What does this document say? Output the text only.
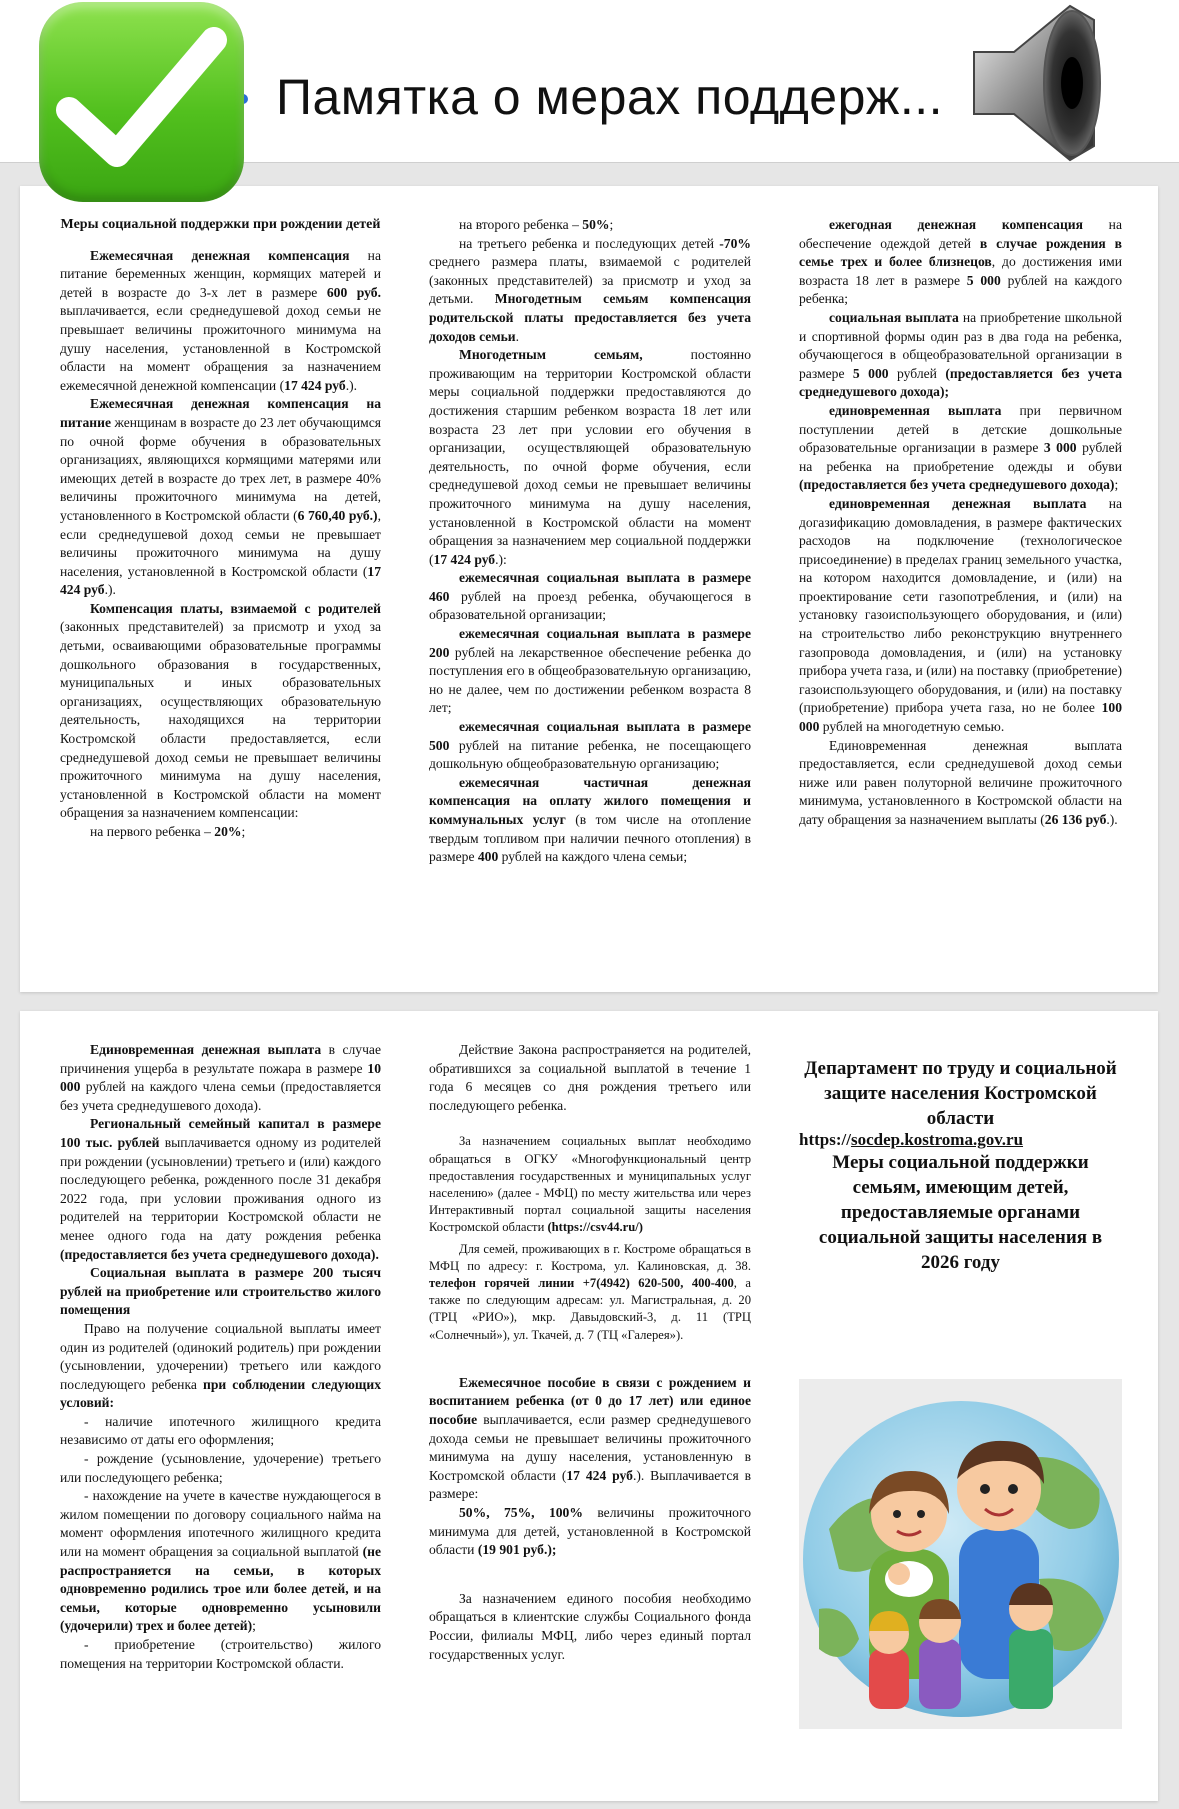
Памятка о мерах поддерж...

Меры социальной поддержки при рождении детей

Ежемесячная денежная компенсация на питание беременных женщин, кормящих матерей и детей в возрасте до 3-х лет в размере 600 руб. выплачивается, если среднедушевой доход семьи не превышает величины прожиточного минимума на душу населения, установленной в Костромской области на момент обращения за назначением ежемесячной денежной компенсации (17 424 руб.).

Ежемесячная денежная компенсация на питание женщинам в возрасте до 23 лет обучающимся по очной форме обучения в образовательных организациях, являющихся кормящими матерями или имеющих детей в возрасте до трех лет, в размере 40% величины прожиточного минимума на детей, установленного в Костромской области (6 760,40 руб.), если среднедушевой доход семьи не превышает величины прожиточного минимума на душу населения, установленной в Костромской области (17 424 руб.).

Компенсация платы, взимаемой с родителей (законных представителей) за присмотр и уход за детьми, осваивающими образовательные программы дошкольного образования в государственных, муниципальных и иных образовательных организациях, осуществляющих образовательную деятельность, находящихся на территории Костромской области предоставляется, если среднедушевой доход семьи не превышает величины прожиточного минимума на душу населения, установленной в Костромской области на момент обращения за назначением компенсации:

на первого ребенка – 20%;

на второго ребенка – 50%;

на третьего ребенка и последующих детей -70% среднего размера платы, взимаемой с родителей (законных представителей) за присмотр и уход за детьми. Многодетным семьям компенсация родительской платы предоставляется без учета доходов семьи.

Многодетным семьям, постоянно проживающим на территории Костромской области меры социальной поддержки предоставляются до достижения старшим ребенком возраста 18 лет или возраста 23 лет при условии его обучения в организации, осуществляющей образовательную деятельность, по очной форме обучения, если среднедушевой доход семьи не превышает величины прожиточного минимума на душу населения, установленной в Костромской области на момент обращения за назначением мер социальной поддержки (17 424 руб.):

ежемесячная социальная выплата в размере 460 рублей на проезд ребенка, обучающегося в образовательной организации;

ежемесячная социальная выплата в размере 200 рублей на лекарственное обеспечение ребенка до поступления его в общеобразовательную организацию, но не далее, чем по достижении ребенком возраста 8 лет;

ежемесячная социальная выплата в размере 500 рублей на питание ребенка, не посещающего дошкольную общеобразовательную организацию;

ежемесячная частичная денежная компенсация на оплату жилого помещения и коммунальных услуг (в том числе на отопление твердым топливом при наличии печного отопления) в размере 400 рублей на каждого члена семьи;

ежегодная денежная компенсация на обеспечение одеждой детей в случае рождения в семье трех и более близнецов, до достижения ими возраста 18 лет в размере 5 000 рублей на каждого ребенка;

социальная выплата на приобретение школьной и спортивной формы один раз в два года на ребенка, обучающегося в общеобразовательной организации в размере 5 000 рублей (предоставляется без учета среднедушевого дохода);

единовременная выплата при первичном поступлении детей в детские дошкольные образовательные организации в размере 3 000 рублей на ребенка на приобретение одежды и обуви (предоставляется без учета среднедушевого дохода);

единовременная денежная выплата на догазификацию домовладения, в размере фактических расходов на подключение (технологическое присоединение) в пределах границ земельного участка, на котором находится домовладение, и (или) на проектирование сети газопотребления, и (или) на установку газоиспользующего оборудования, и (или) на строительство либо реконструкцию внутреннего газопровода домовладения, и (или) на установку прибора учета газа, и (или) на поставку (приобретение) газоиспользующего оборудования, и (или) на поставку (приобретение) прибора учета газа, но не более 100 000 рублей на многодетную семью.

Единовременная денежная выплата предоставляется, если среднедушевой доход семьи ниже или равен полуторной величине прожиточного минимума, установленного в Костромской области на дату обращения за назначением выплаты (26 136 руб.).

Единовременная денежная выплата в случае причинения ущерба в результате пожара в размере 10 000 рублей на каждого члена семьи (предоставляется без учета среднедушевого дохода).

Региональный семейный капитал в размере 100 тыс. рублей выплачивается одному из родителей при рождении (усыновлении) третьего и (или) каждого последующего ребенка, рожденного после 31 декабря 2022 года, при условии проживания одного из родителей на территории Костромской области не менее одного года на дату рождения ребенка (предоставляется без учета среднедушевого дохода).

Социальная выплата в размере 200 тысяч рублей на приобретение или строительство жилого помещения

Право на получение социальной выплаты имеет один из родителей (одинокий родитель) при рождении (усыновлении, удочерении) третьего или каждого последующего ребенка при соблюдении следующих условий:

- наличие ипотечного жилищного кредита независимо от даты его оформления;

- рождение (усыновление, удочерение) третьего или последующего ребенка;

- нахождение на учете в качестве нуждающегося в жилом помещении по договору социального найма на момент оформления ипотечного жилищного кредита или на момент обращения за социальной выплатой (не распространяется на семьи, в которых одновременно родились трое или более детей, и на семьи, которые одновременно усыновили (удочерили) трех и более детей);

- приобретение (строительство) жилого помещения на территории Костромской области.

Действие Закона распространяется на родителей, обратившихся за социальной выплатой в течение 1 года 6 месяцев со дня рождения третьего или последующего ребенка.

За назначением социальных выплат необходимо обращаться в ОГКУ «Многофункциональный центр предоставления государственных и муниципальных услуг населению» (далее - МФЦ) по месту жительства или через Интерактивный портал социальной защиты населения Костромской области (https://csv44.ru/)

Для семей, проживающих в г. Костроме обращаться в МФЦ по адресу: г. Кострома, ул. Калиновская, д. 38. телефон горячей линии +7(4942) 620-500, 400-400, а также по следующим адресам: ул. Магистральная, д. 20 (ТРЦ «РИО»), мкр. Давыдовский-3, д. 11 (ТРЦ «Солнечный»), ул. Ткачей, д. 7 (ТЦ «Галерея»).

Ежемесячное пособие в связи с рождением и воспитанием ребенка (от 0 до 17 лет) или единое пособие выплачивается, если размер среднедушевого дохода семьи не превышает величины прожиточного минимума на душу населения, установленную в Костромской области (17 424 руб.). Выплачивается в размере:

50%, 75%, 100% величины прожиточного минимума для детей, установленной в Костромской области (19 901 руб.);

За назначением единого пособия необходимо обращаться в клиентские службы Социального фонда России, филиалы МФЦ, либо через единый портал государственных услуг.

Департамент по труду и социальной защите населения Костромской области

https://socdep.kostroma.gov.ru

Меры социальной поддержки семьям, имеющим детей, предоставляемые органами социальной защиты населения в 2026 году
